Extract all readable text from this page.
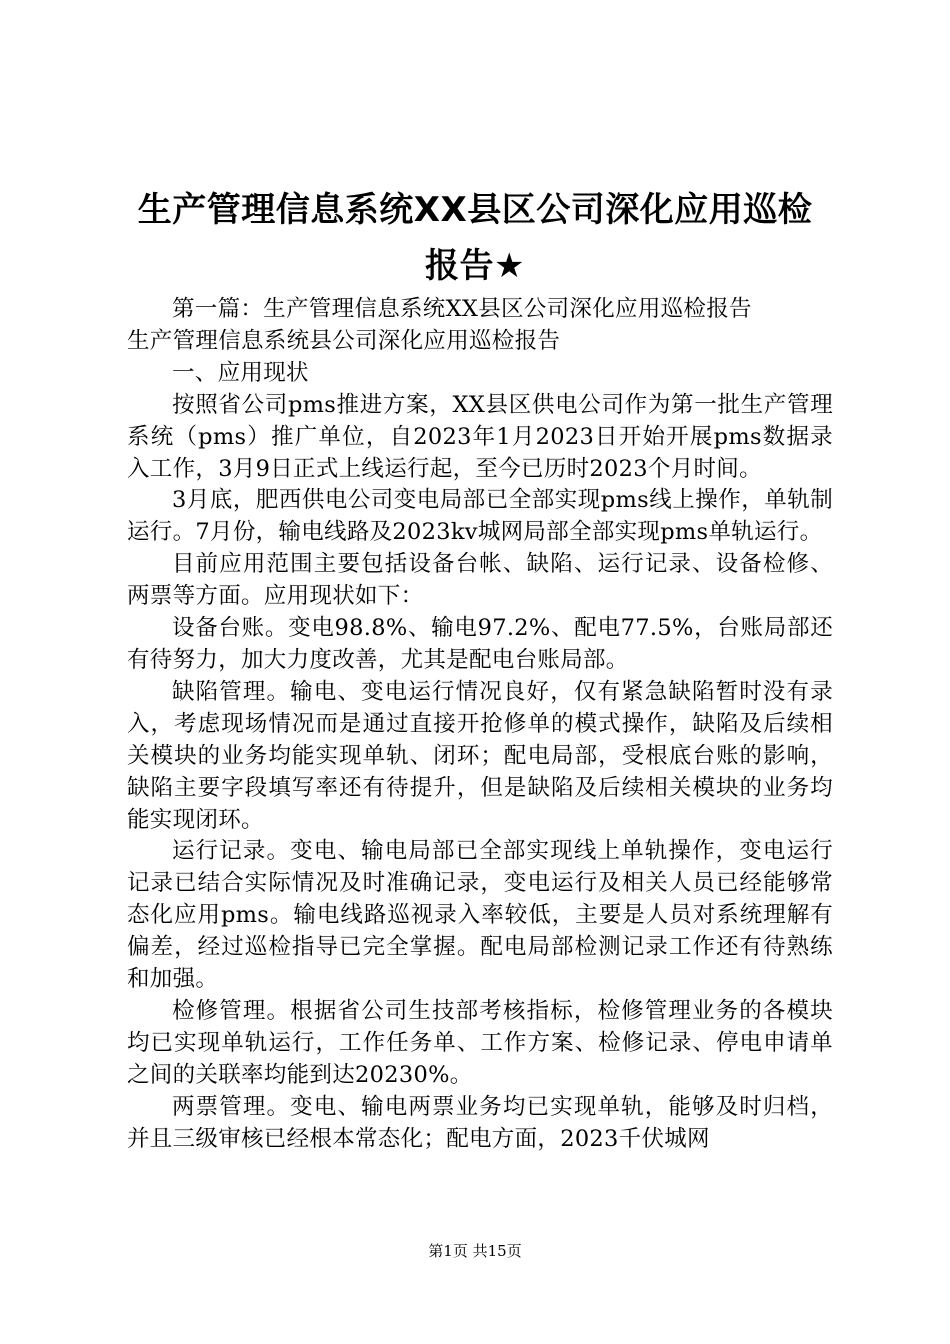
生产管理信息系统XX县区公司深化应用巡检
报告★

第一篇：生产管理信息系统XX县区公司深化应用巡检报告

生产管理信息系统县公司深化应用巡检报告

一、应用现状

按照省公司pms推进方案，XX县区供电公司作为第一批生产管理系统（pms）推广单位，自2023年1月2023日开始开展pms数据录入工作，3月9日正式上线运行起，至今已历时2023个月时间。

3月底，肥西供电公司变电局部已全部实现pms线上操作，单轨制运行。7月份，输电线路及2023kv城网局部全部实现pms单轨运行。

目前应用范围主要包括设备台帐、缺陷、运行记录、设备检修、两票等方面。应用现状如下：

设备台账。变电98.8%、输电97.2%、配电77.5%，台账局部还有待努力，加大力度改善，尤其是配电台账局部。

缺陷管理。输电、变电运行情况良好，仅有紧急缺陷暂时没有录入，考虑现场情况而是通过直接开抢修单的模式操作，缺陷及后续相关模块的业务均能实现单轨、闭环；配电局部，受根底台账的影响，缺陷主要字段填写率还有待提升，但是缺陷及后续相关模块的业务均能实现闭环。

运行记录。变电、输电局部已全部实现线上单轨操作，变电运行记录已结合实际情况及时准确记录，变电运行及相关人员已经能够常态化应用pms。输电线路巡视录入率较低，主要是人员对系统理解有偏差，经过巡检指导已完全掌握。配电局部检测记录工作还有待熟练和加强。

检修管理。根据省公司生技部考核指标，检修管理业务的各模块均已实现单轨运行，工作任务单、工作方案、检修记录、停电申请单之间的关联率均能到达20230%。

两票管理。变电、输电两票业务均已实现单轨，能够及时归档，并且三级审核已经根本常态化；配电方面，2023千伏城网

第1页 共15页
